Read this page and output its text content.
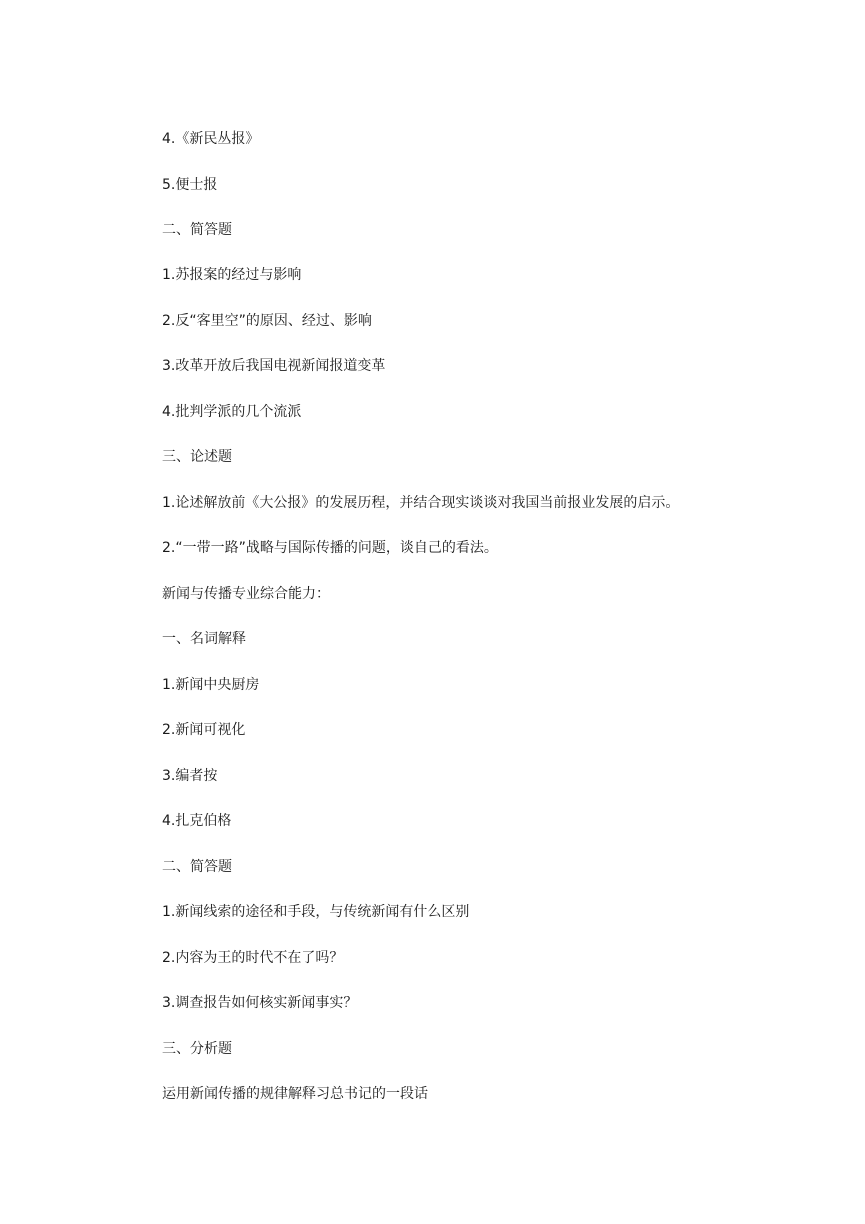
4.《新民丛报》
5.便士报
二、简答题
1.苏报案的经过与影响
2.反“客里空”的原因、经过、影响
3.改革开放后我国电视新闻报道变革
4.批判学派的几个流派
三、论述题
1.论述解放前《大公报》的发展历程，并结合现实谈谈对我国当前报业发展的启示。
2.“一带一路”战略与国际传播的问题，谈自己的看法。
新闻与传播专业综合能力：
一、名词解释
1.新闻中央厨房
2.新闻可视化
3.编者按
4.扎克伯格
二、简答题
1.新闻线索的途径和手段，与传统新闻有什么区别
2.内容为王的时代不在了吗？
3.调查报告如何核实新闻事实？
三、分析题
运用新闻传播的规律解释习总书记的一段话
